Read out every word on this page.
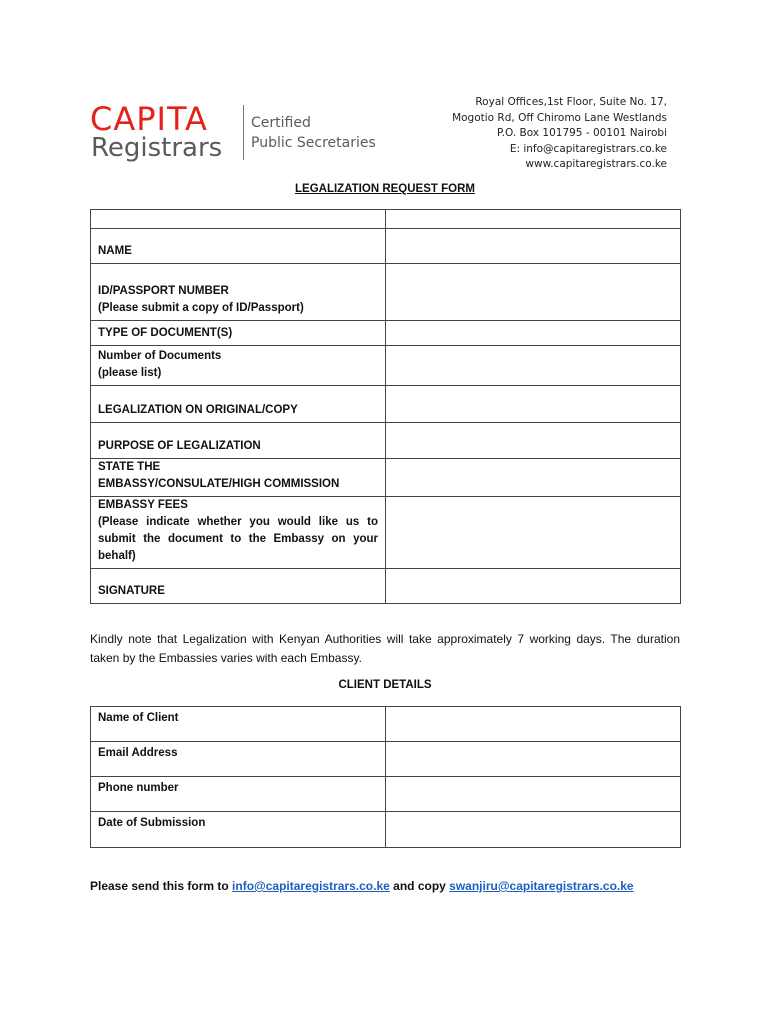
CAPITA
Registrars
Certified
Public Secretaries
Royal Offices,1st Floor, Suite No. 17,
Mogotio Rd, Off Chiromo Lane Westlands
P.O. Box 101795 - 00101 Nairobi
E: info@capitaregistrars.co.ke
www.capitaregistrars.co.ke
LEGALIZATION REQUEST FORM

NAME	
ID/PASSPORT NUMBER
(Please submit a copy of ID/Passport)	
TYPE OF DOCUMENT(S)	
Number of Documents
(please list)	
LEGALIZATION ON ORIGINAL/COPY	
PURPOSE OF LEGALIZATION	
STATE THE
EMBASSY/CONSULATE/HIGH COMMISSION	
EMBASSY FEES
(Please indicate whether you would like us to submit the document to the Embassy on your behalf)	
SIGNATURE	
Kindly note that Legalization with Kenyan Authorities will take approximately 7 working days. The duration taken by the Embassies varies with each Embassy.
CLIENT DETAILS
Name of Client	
Email Address	
Phone number	
Date of Submission	
Please send this form to info@capitaregistrars.co.ke and copy swanjiru@capitaregistrars.co.ke
